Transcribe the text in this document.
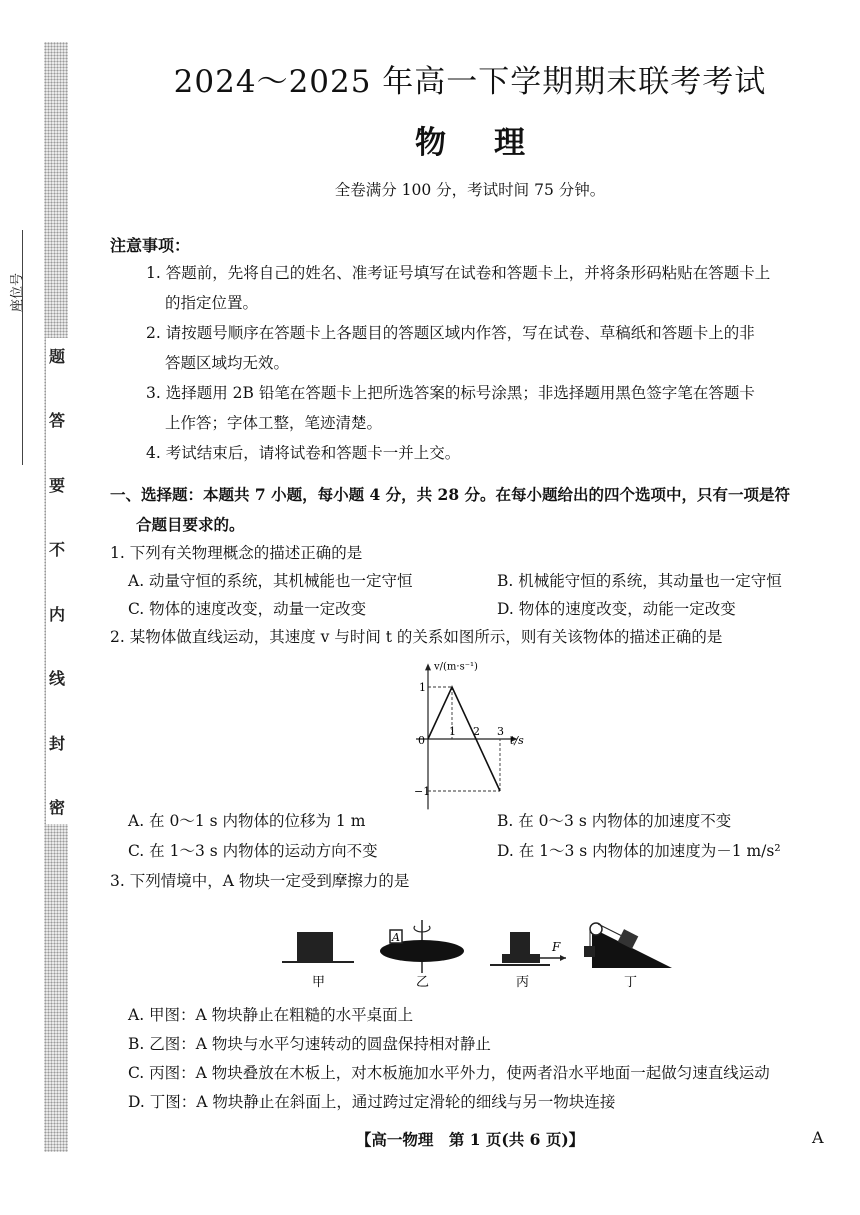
座位号
题
答
要
不
内
线
封
密
2024～2025 年高一下学期期末联考考试
物理
全卷满分 100 分，考试时间 75 分钟。
注意事项：
1. 答题前，先将自己的姓名、准考证号填写在试卷和答题卡上，并将条形码粘贴在答题卡上
的指定位置。
2. 请按题号顺序在答题卡上各题目的答题区域内作答，写在试卷、草稿纸和答题卡上的非
答题区域均无效。
3. 选择题用 2B 铅笔在答题卡上把所选答案的标号涂黑；非选择题用黑色签字笔在答题卡
上作答；字体工整，笔迹清楚。
4. 考试结束后，请将试卷和答题卡一并上交。
一、选择题：本题共 7 小题，每小题 4 分，共 28 分。在每小题给出的四个选项中，只有一项是符
合题目要求的。
1. 下列有关物理概念的描述正确的是
A. 动量守恒的系统，其机械能也一定守恒	B. 机械能守恒的系统，其动量也一定守恒
C. 物体的速度改变，动量一定改变	D. 物体的速度改变，动能一定改变
2. 某物体做直线运动，其速度 v 与时间 t 的关系如图所示，则有关该物体的描述正确的是
v/(m·s⁻¹)
t/s
0
1 2 3
1
−1
A. 在 0～1 s 内物体的位移为 1 m	B. 在 0～3 s 内物体的加速度不变
C. 在 1～3 s 内物体的运动方向不变	D. 在 1～3 s 内物体的加速度为－1 m/s²
3. 下列情境中，A 物块一定受到摩擦力的是
甲
A
乙
F
丙	丁
A. 甲图：A 物块静止在粗糙的水平桌面上
B. 乙图：A 物块与水平匀速转动的圆盘保持相对静止
C. 丙图：A 物块叠放在木板上，对木板施加水平外力，使两者沿水平地面一起做匀速直线运动
D. 丁图：A 物块静止在斜面上，通过跨过定滑轮的细线与另一物块连接
【高一物理　第 1 页(共 6 页)】	A
